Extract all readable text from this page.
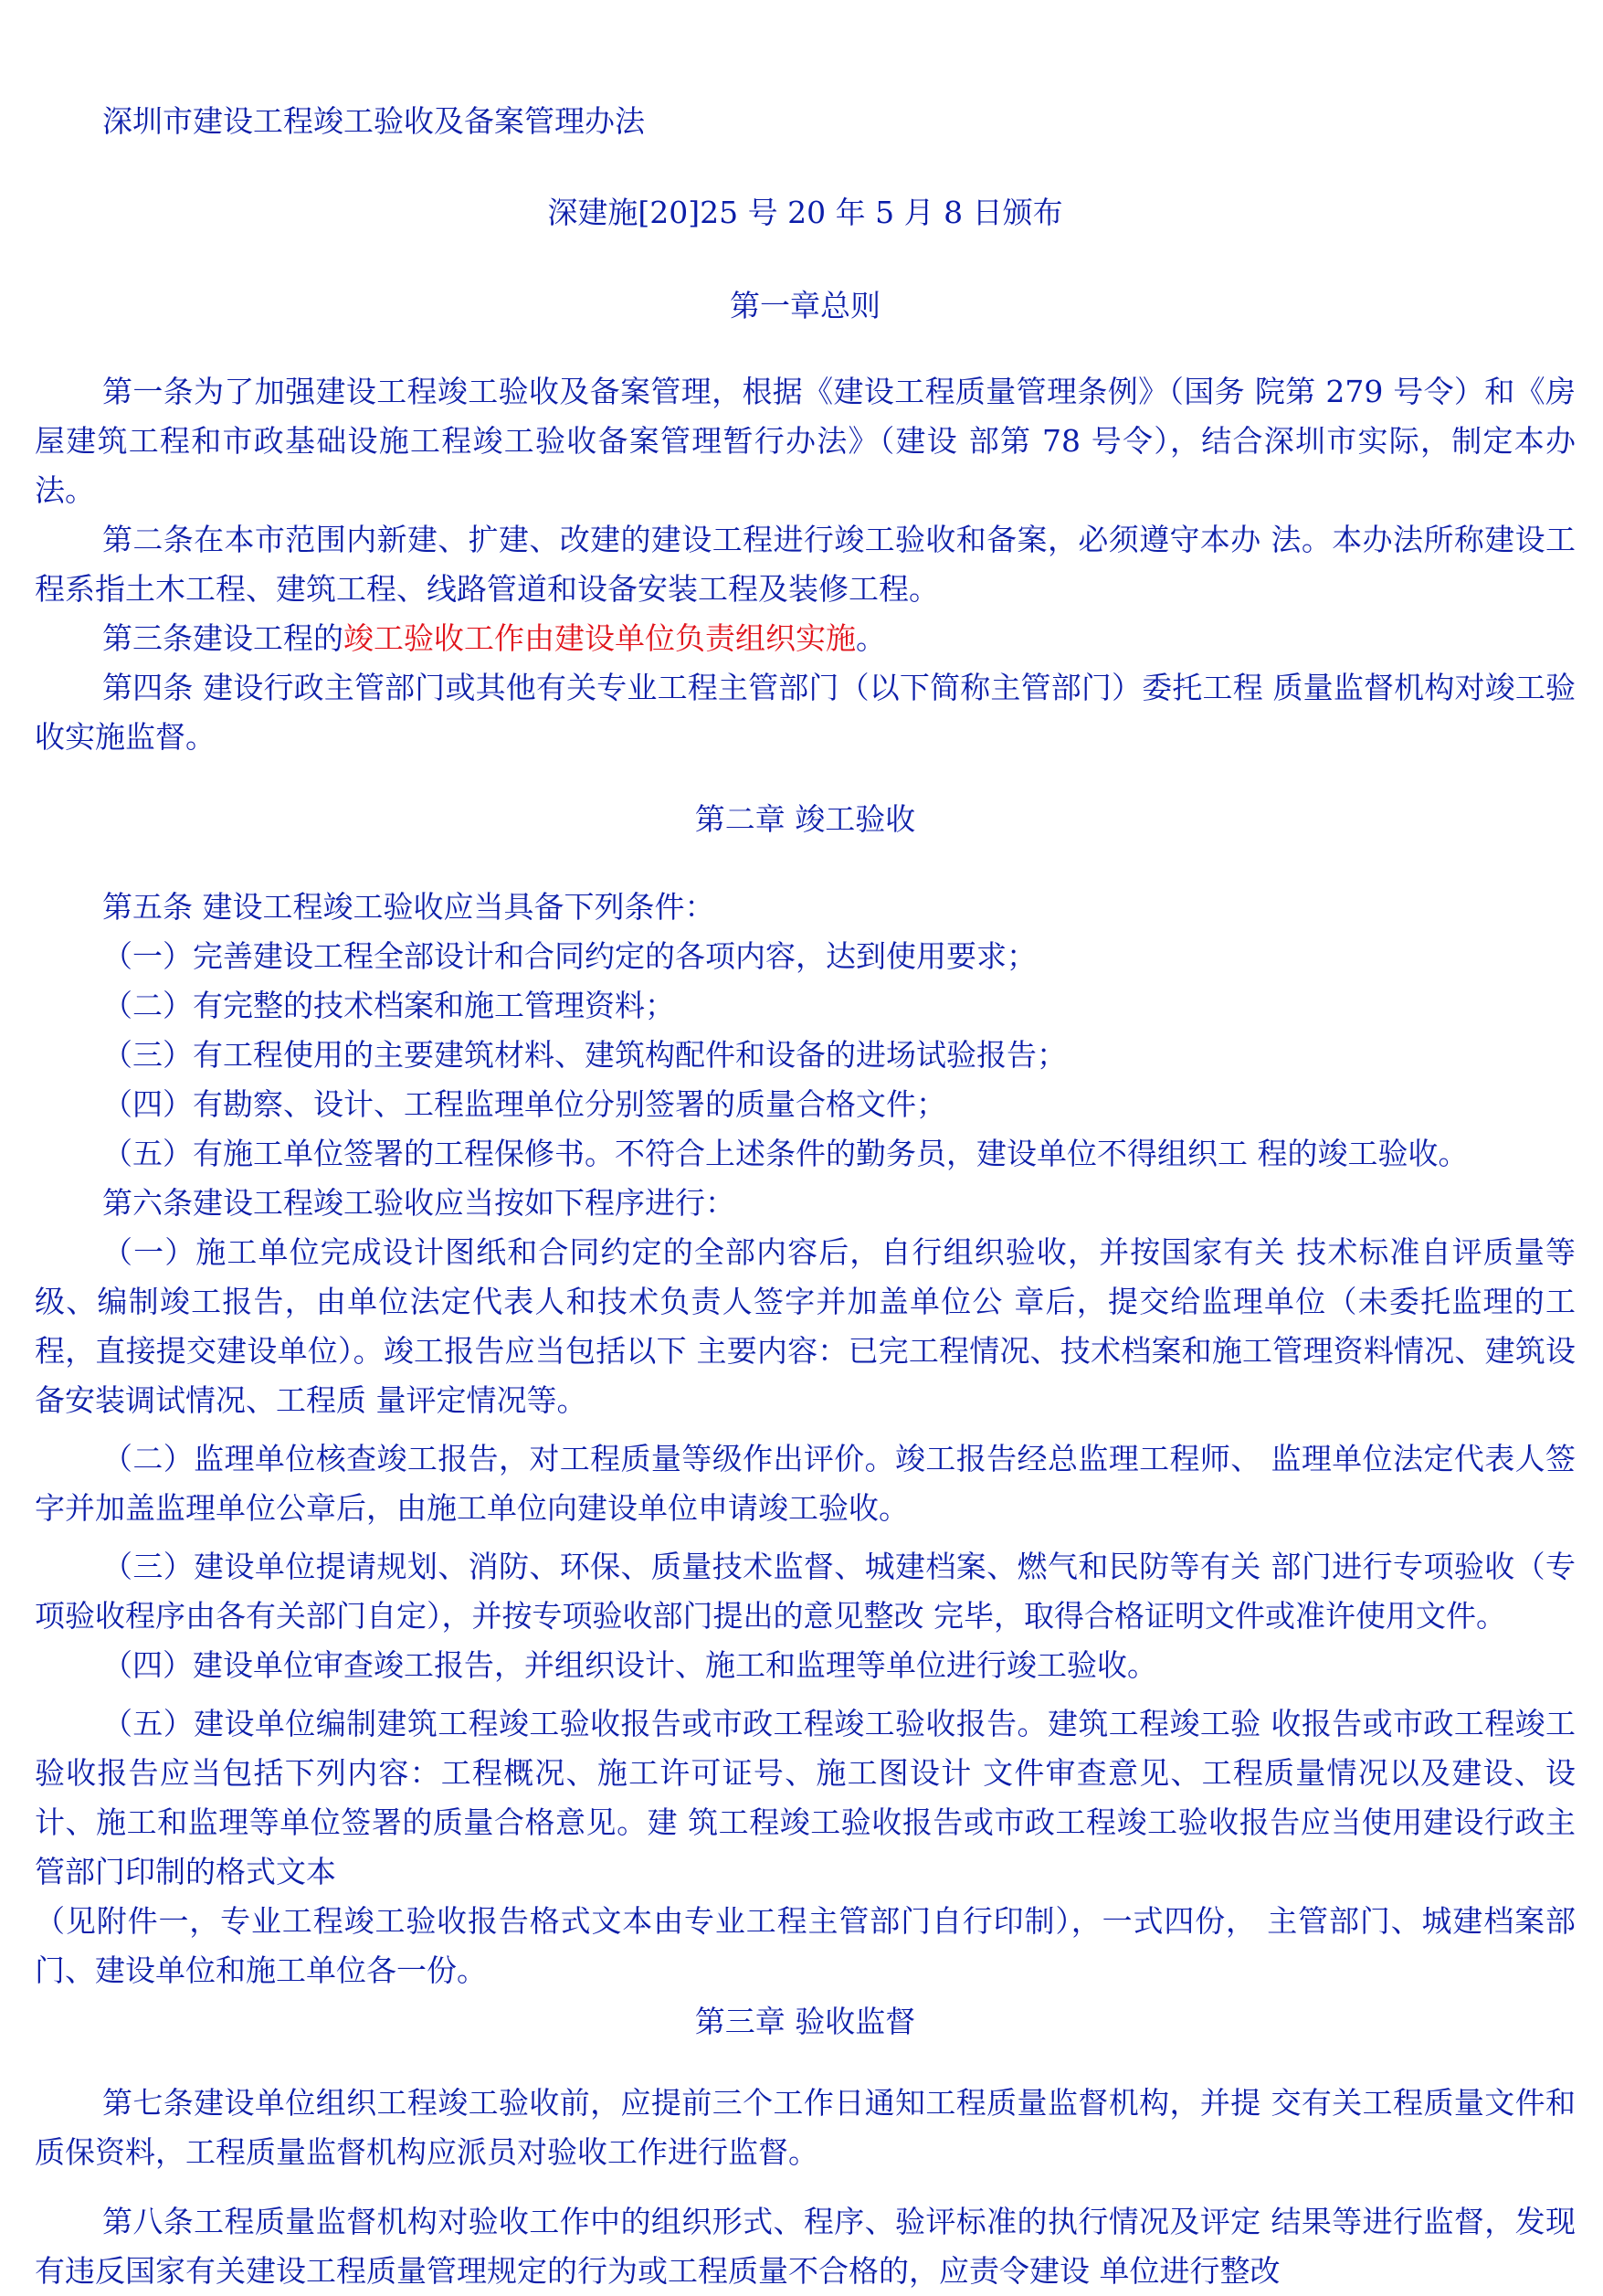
深圳市建设工程竣工验收及备案管理办法

深建施[20]25 号 20 年 5 月 8 日颁布

第一章总则

第一条为了加强建设工程竣工验收及备案管理，根据《建设工程质量管理条例》（国务 院第 279 号令）和《房屋建筑工程和市政基础设施工程竣工验收备案管理暂行办法》（建设 部第 78 号令），结合深圳市实际，制定本办法。

第二条在本市范围内新建、扩建、改建的建设工程进行竣工验收和备案，必须遵守本办 法。本办法所称建设工程系指土木工程、建筑工程、线路管道和设备安装工程及装修工程。

第三条建设工程的竣工验收工作由建设单位负责组织实施。

第四条 建设行政主管部门或其他有关专业工程主管部门（以下简称主管部门）委托工程 质量监督机构对竣工验收实施监督。

第二章 竣工验收

第五条 建设工程竣工验收应当具备下列条件：

（一）完善建设工程全部设计和合同约定的各项内容，达到使用要求；

（二）有完整的技术档案和施工管理资料；

（三）有工程使用的主要建筑材料、建筑构配件和设备的进场试验报告；

（四）有勘察、设计、工程监理单位分别签署的质量合格文件；

（五）有施工单位签署的工程保修书。不符合上述条件的勤务员，建设单位不得组织工 程的竣工验收。

第六条建设工程竣工验收应当按如下程序进行：

（一）施工单位完成设计图纸和合同约定的全部内容后，自行组织验收，并按国家有关 技术标准自评质量等级、编制竣工报告，由单位法定代表人和技术负责人签字并加盖单位公 章后，提交给监理单位（未委托监理的工程，直接提交建设单位）。竣工报告应当包括以下 主要内容：已完工程情况、技术档案和施工管理资料情况、建筑设备安装调试情况、工程质 量评定情况等。

（二）监理单位核查竣工报告，对工程质量等级作出评价。竣工报告经总监理工程师、 监理单位法定代表人签字并加盖监理单位公章后，由施工单位向建设单位申请竣工验收。

（三）建设单位提请规划、消防、环保、质量技术监督、城建档案、燃气和民防等有关 部门进行专项验收（专项验收程序由各有关部门自定），并按专项验收部门提出的意见整改 完毕，取得合格证明文件或准许使用文件。

（四）建设单位审查竣工报告，并组织设计、施工和监理等单位进行竣工验收。

（五）建设单位编制建筑工程竣工验收报告或市政工程竣工验收报告。建筑工程竣工验 收报告或市政工程竣工验收报告应当包括下列内容：工程概况、施工许可证号、施工图设计 文件审查意见、工程质量情况以及建设、设计、施工和监理等单位签署的质量合格意见。建 筑工程竣工验收报告或市政工程竣工验收报告应当使用建设行政主管部门印制的格式文本

（见附件一，专业工程竣工验收报告格式文本由专业工程主管部门自行印制），一式四份， 主管部门、城建档案部门、建设单位和施工单位各一份。

第三章 验收监督

第七条建设单位组织工程竣工验收前，应提前三个工作日通知工程质量监督机构，并提 交有关工程质量文件和质保资料，工程质量监督机构应派员对验收工作进行监督。

第八条工程质量监督机构对验收工作中的组织形式、程序、验评标准的执行情况及评定 结果等进行监督，发现有违反国家有关建设工程质量管理规定的行为或工程质量不合格的，应责令建设 单位进行整改
